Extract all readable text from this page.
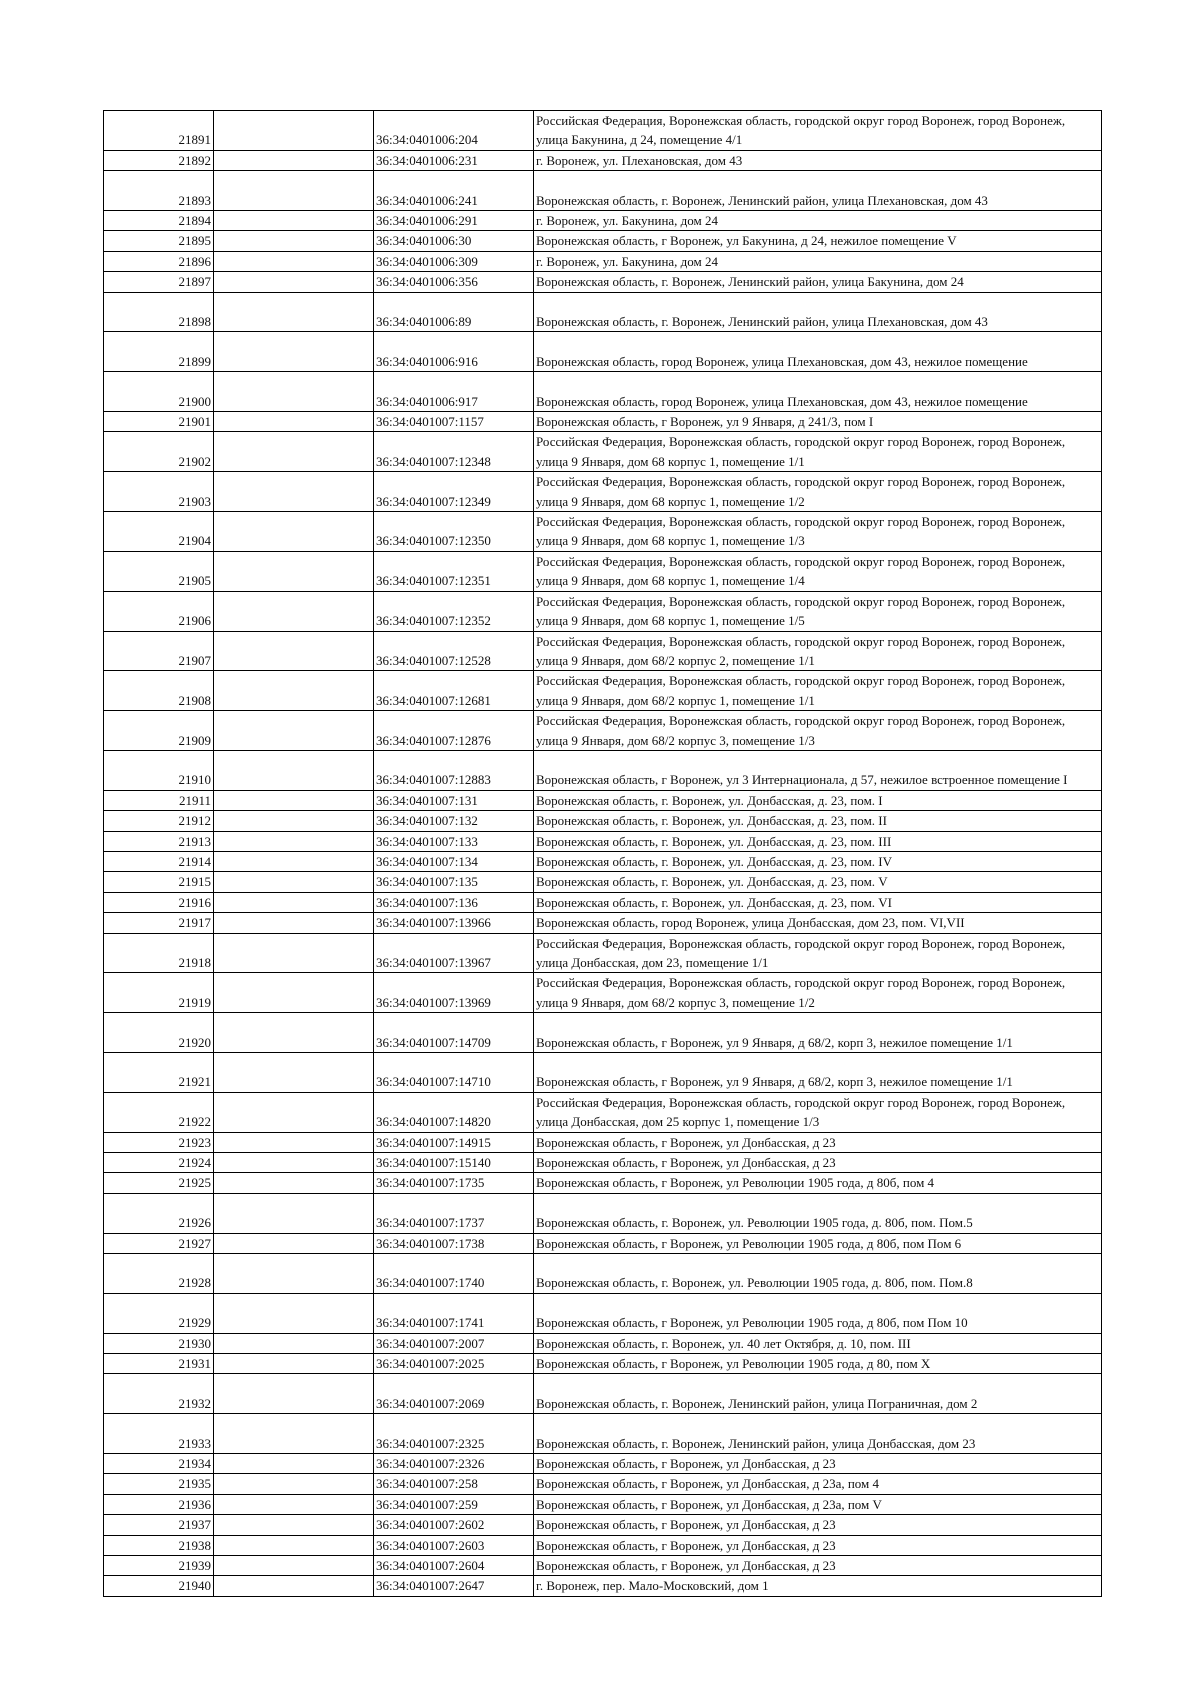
21891		36:34:0401006:204	Российская Федерация, Воронежская область, городской округ город Воронеж, город Воронеж, улица Бакунина, д 24, помещение 4/1
21892		36:34:0401006:231	г. Воронеж, ул. Плехановская, дом 43
21893		36:34:0401006:241	Воронежская область, г. Воронеж, Ленинский район, улица Плехановская, дом 43
21894		36:34:0401006:291	г. Воронеж, ул. Бакунина, дом 24
21895		36:34:0401006:30	Воронежская область, г Воронеж, ул Бакунина, д 24, нежилое помещение V
21896		36:34:0401006:309	г. Воронеж, ул. Бакунина, дом 24
21897		36:34:0401006:356	Воронежская область, г. Воронеж, Ленинский район, улица Бакунина, дом 24
21898		36:34:0401006:89	Воронежская область, г. Воронеж, Ленинский район, улица Плехановская, дом 43
21899		36:34:0401006:916	Воронежская область, город Воронеж, улица Плехановская, дом 43, нежилое помещение
21900		36:34:0401006:917	Воронежская область, город Воронеж, улица Плехановская, дом 43, нежилое помещение
21901		36:34:0401007:1157	Воронежская область, г Воронеж, ул 9 Января, д 241/3, пом I
21902		36:34:0401007:12348	Российская Федерация, Воронежская область, городской округ город Воронеж, город Воронеж, улица 9 Января, дом 68 корпус 1, помещение 1/1
21903		36:34:0401007:12349	Российская Федерация, Воронежская область, городской округ город Воронеж, город Воронеж, улица 9 Января, дом 68 корпус 1, помещение 1/2
21904		36:34:0401007:12350	Российская Федерация, Воронежская область, городской округ город Воронеж, город Воронеж, улица 9 Января, дом 68 корпус 1, помещение 1/3
21905		36:34:0401007:12351	Российская Федерация, Воронежская область, городской округ город Воронеж, город Воронеж, улица 9 Января, дом 68 корпус 1, помещение 1/4
21906		36:34:0401007:12352	Российская Федерация, Воронежская область, городской округ город Воронеж, город Воронеж, улица 9 Января, дом 68 корпус 1, помещение 1/5
21907		36:34:0401007:12528	Российская Федерация, Воронежская область, городской округ город Воронеж, город Воронеж, улица 9 Января, дом 68/2 корпус 2, помещение 1/1
21908		36:34:0401007:12681	Российская Федерация, Воронежская область, городской округ город Воронеж, город Воронеж, улица 9 Января, дом 68/2 корпус 1, помещение 1/1
21909		36:34:0401007:12876	Российская Федерация, Воронежская область, городской округ город Воронеж, город Воронеж, улица 9 Января, дом 68/2 корпус 3, помещение 1/3
21910		36:34:0401007:12883	Воронежская область, г Воронеж, ул 3 Интернационала, д 57, нежилое встроенное помещение I
21911		36:34:0401007:131	Воронежская область, г. Воронеж, ул. Донбасская, д. 23, пом. I
21912		36:34:0401007:132	Воронежская область, г. Воронеж, ул. Донбасская, д. 23, пом. II
21913		36:34:0401007:133	Воронежская область, г. Воронеж, ул. Донбасская, д. 23, пом. III
21914		36:34:0401007:134	Воронежская область, г. Воронеж, ул. Донбасская, д. 23, пом. IV
21915		36:34:0401007:135	Воронежская область, г. Воронеж, ул. Донбасская, д. 23, пом. V
21916		36:34:0401007:136	Воронежская область, г. Воронеж, ул. Донбасская, д. 23, пом. VI
21917		36:34:0401007:13966	Воронежская область, город Воронеж, улица Донбасская, дом 23, пом. VI,VII
21918		36:34:0401007:13967	Российская Федерация, Воронежская область, городской округ город Воронеж, город Воронеж, улица Донбасская, дом 23, помещение 1/1
21919		36:34:0401007:13969	Российская Федерация, Воронежская область, городской округ город Воронеж, город Воронеж, улица 9 Января, дом 68/2 корпус 3, помещение 1/2
21920		36:34:0401007:14709	Воронежская область, г Воронеж, ул 9 Января, д 68/2, корп 3, нежилое помещение 1/1
21921		36:34:0401007:14710	Воронежская область, г Воронеж, ул 9 Января, д 68/2, корп 3, нежилое помещение 1/1
21922		36:34:0401007:14820	Российская Федерация, Воронежская область, городской округ город Воронеж, город Воронеж, улица Донбасская, дом 25 корпус 1, помещение 1/3
21923		36:34:0401007:14915	Воронежская область, г Воронеж, ул Донбасская, д 23
21924		36:34:0401007:15140	Воронежская область, г Воронеж, ул Донбасская, д 23
21925		36:34:0401007:1735	Воронежская область, г Воронеж, ул Революции 1905 года, д 80б, пом 4
21926		36:34:0401007:1737	Воронежская область, г. Воронеж, ул. Революции 1905 года, д. 80б, пом. Пом.5
21927		36:34:0401007:1738	Воронежская область, г Воронеж, ул Революции 1905 года, д 80б, пом Пом 6
21928		36:34:0401007:1740	Воронежская область, г. Воронеж, ул. Революции 1905 года, д. 80б, пом. Пом.8
21929		36:34:0401007:1741	Воронежская область, г Воронеж, ул Революции 1905 года, д 80б, пом Пом 10
21930		36:34:0401007:2007	Воронежская область, г. Воронеж, ул. 40 лет Октября, д. 10, пом. III
21931		36:34:0401007:2025	Воронежская область, г Воронеж, ул Революции 1905 года, д 80, пом X
21932		36:34:0401007:2069	Воронежская область, г. Воронеж, Ленинский район, улица Пограничная, дом 2
21933		36:34:0401007:2325	Воронежская область, г. Воронеж, Ленинский район, улица Донбасская, дом 23
21934		36:34:0401007:2326	Воронежская область, г Воронеж, ул Донбасская, д 23
21935		36:34:0401007:258	Воронежская область, г Воронеж, ул Донбасская, д 23а, пом 4
21936		36:34:0401007:259	Воронежская область, г Воронеж, ул Донбасская, д 23а, пом V
21937		36:34:0401007:2602	Воронежская область, г Воронеж, ул Донбасская, д 23
21938		36:34:0401007:2603	Воронежская область, г Воронеж, ул Донбасская, д 23
21939		36:34:0401007:2604	Воронежская область, г Воронеж, ул Донбасская, д 23
21940		36:34:0401007:2647	г. Воронеж, пер. Мало-Московский, дом 1
